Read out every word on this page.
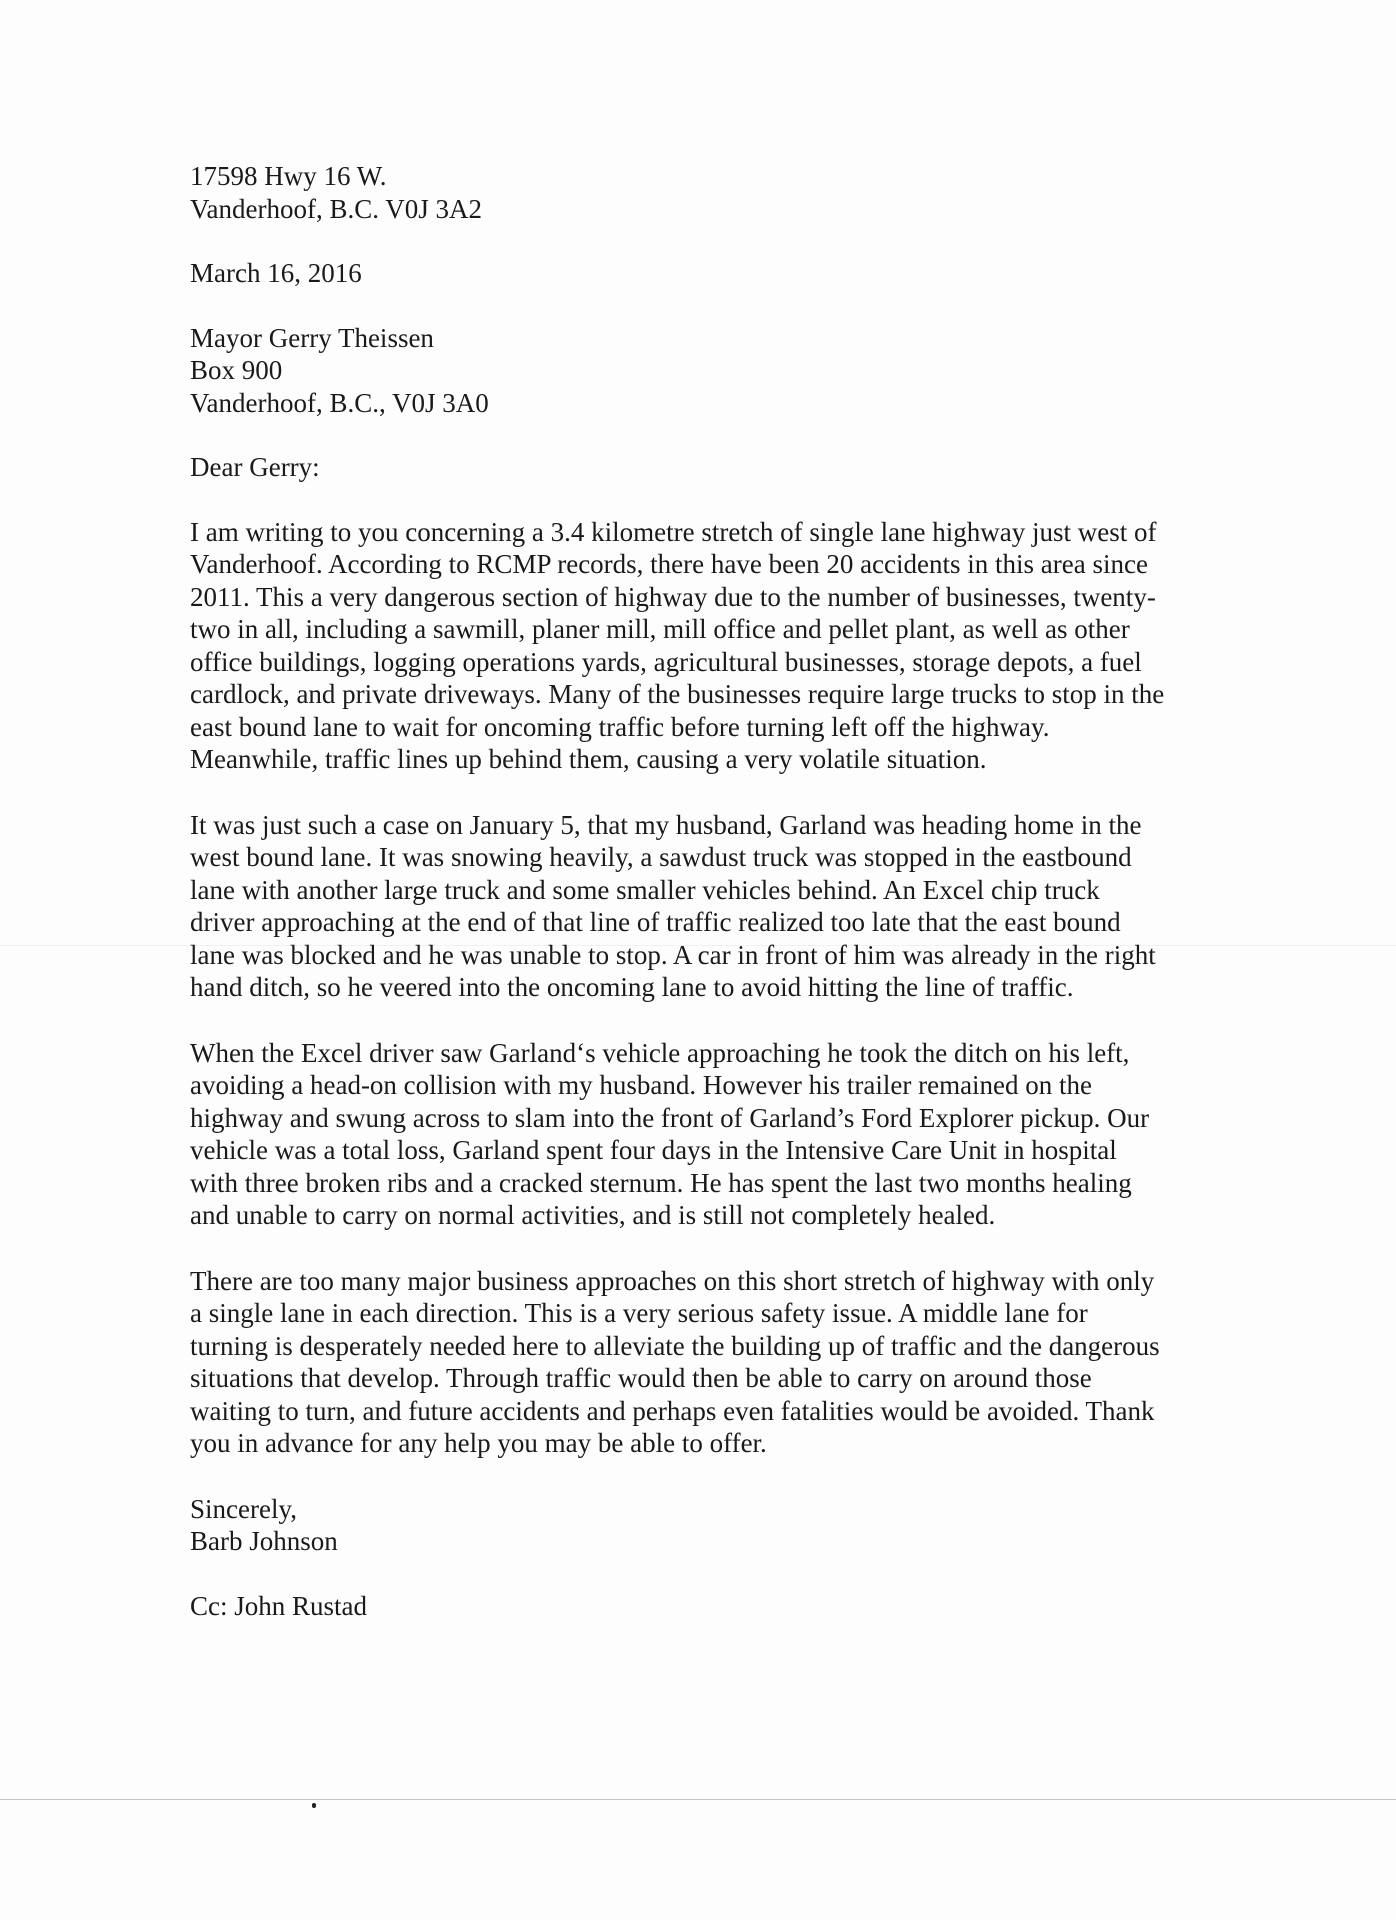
17598 Hwy 16 W.
Vanderhoof, B.C. V0J 3A2
March 16, 2016
Mayor Gerry Theissen
Box 900
Vanderhoof, B.C., V0J 3A0
Dear Gerry:
I am writing to you concerning a 3.4 kilometre stretch of single lane highway just west of
Vanderhoof. According to RCMP records, there have been 20 accidents in this area since
2011. This a very dangerous section of highway due to the number of businesses, twenty-
two in all, including a sawmill, planer mill, mill office and pellet plant, as well as other
office buildings, logging operations yards, agricultural businesses, storage depots, a fuel
cardlock, and private driveways. Many of the businesses require large trucks to stop in the
east bound lane to wait for oncoming traffic before turning left off the highway.
Meanwhile, traffic lines up behind them, causing a very volatile situation.
It was just such a case on January 5, that my husband, Garland was heading home in the
west bound lane. It was snowing heavily, a sawdust truck was stopped in the eastbound
lane with another large truck and some smaller vehicles behind. An Excel chip truck
driver approaching at the end of that line of traffic realized too late that the east bound
lane was blocked and he was unable to stop. A car in front of him was already in the right
hand ditch, so he veered into the oncoming lane to avoid hitting the line of traffic.
When the Excel driver saw Garland‘s vehicle approaching he took the ditch on his left,
avoiding a head-on collision with my husband. However his trailer remained on the
highway and swung across to slam into the front of Garland’s Ford Explorer pickup. Our
vehicle was a total loss, Garland spent four days in the Intensive Care Unit in hospital
with three broken ribs and a cracked sternum. He has spent the last two months healing
and unable to carry on normal activities, and is still not completely healed.
There are too many major business approaches on this short stretch of highway with only
a single lane in each direction. This is a very serious safety issue. A middle lane for
turning is desperately needed here to alleviate the building up of traffic and the dangerous
situations that develop. Through traffic would then be able to carry on around those
waiting to turn, and future accidents and perhaps even fatalities would be avoided. Thank
you in advance for any help you may be able to offer.
Sincerely,
Barb Johnson
Cc: John Rustad
